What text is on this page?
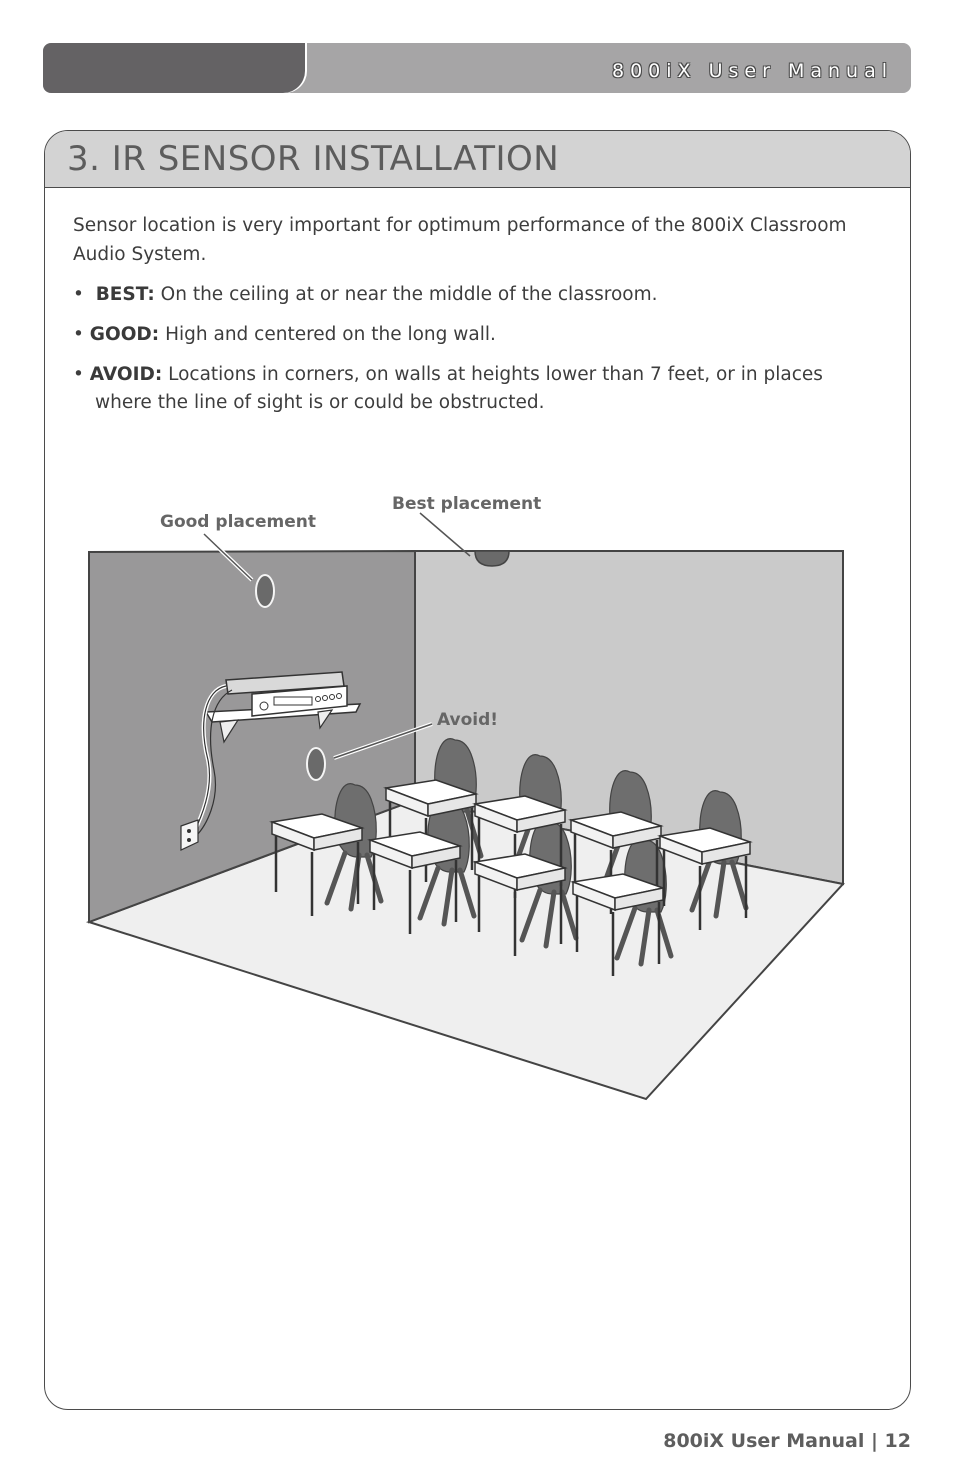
800iX User Manual
3. IR SENSOR INSTALLATION
Sensor location is very important for optimum performance of the 800iX Classroom Audio System.
•  BEST: On the ceiling at or near the middle of the classroom.
• GOOD: High and centered on the long wall.
• AVOID: Locations in corners, on walls at heights lower than 7 feet, or in places
where the line of sight is or could be obstructed.
Good placement
Best placement
Avoid!
800iX User Manual | 12
